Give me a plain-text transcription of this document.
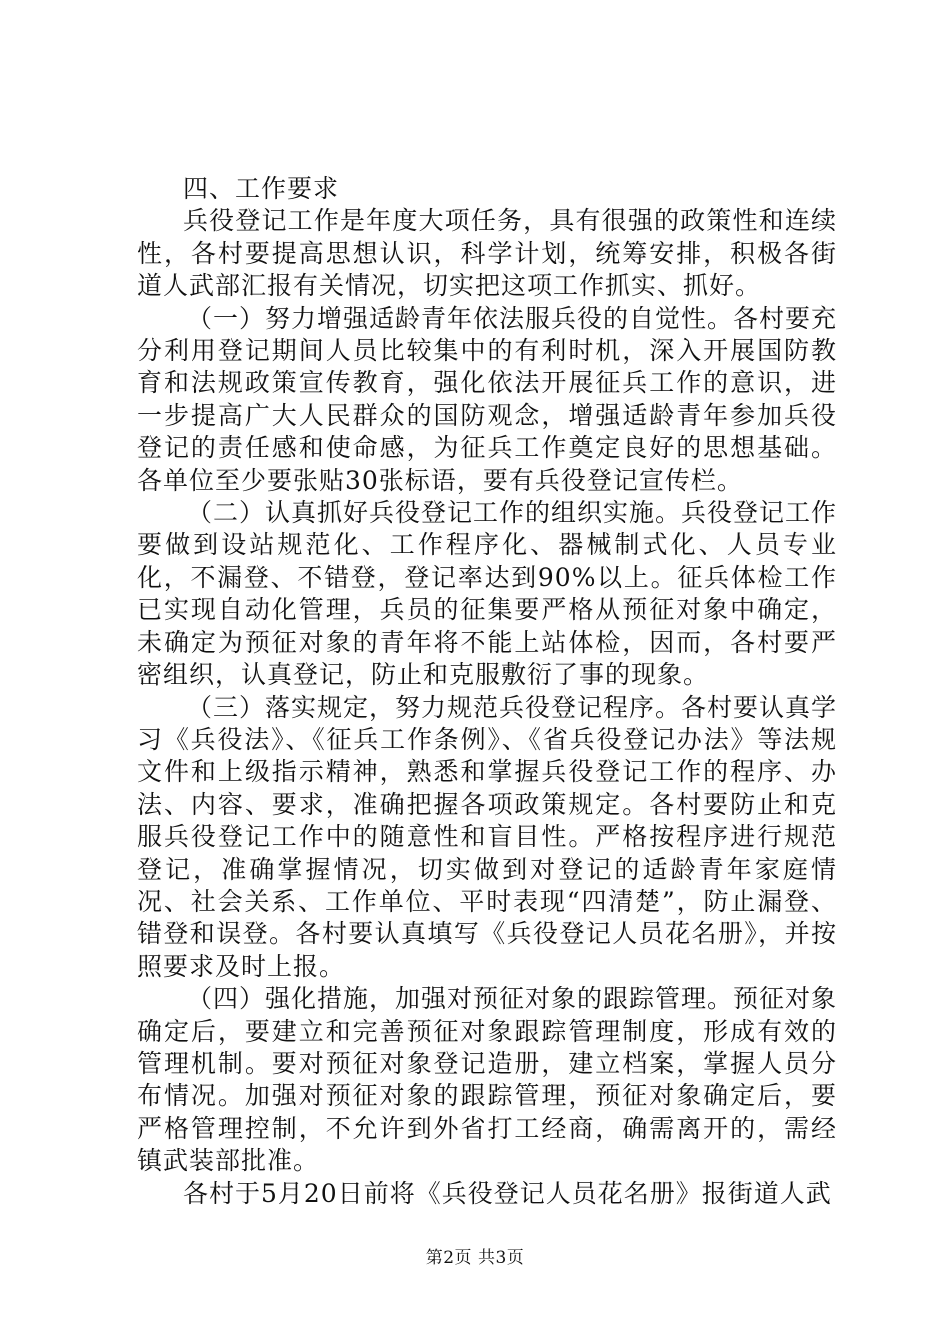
四、工作要求

兵役登记工作是年度大项任务，具有很强的政策性和连续性，各村要提高思想认识，科学计划，统筹安排，积极各街道人武部汇报有关情况，切实把这项工作抓实、抓好。

（一）努力增强适龄青年依法服兵役的自觉性。各村要充分利用登记期间人员比较集中的有利时机，深入开展国防教育和法规政策宣传教育，强化依法开展征兵工作的意识，进一步提高广大人民群众的国防观念，增强适龄青年参加兵役登记的责任感和使命感，为征兵工作奠定良好的思想基础。各单位至少要张贴30张标语，要有兵役登记宣传栏。

（二）认真抓好兵役登记工作的组织实施。兵役登记工作要做到设站规范化、工作程序化、器械制式化、人员专业化，不漏登、不错登，登记率达到90%以上。征兵体检工作已实现自动化管理，兵员的征集要严格从预征对象中确定，未确定为预征对象的青年将不能上站体检，因而，各村要严密组织，认真登记，防止和克服敷衍了事的现象。

（三）落实规定，努力规范兵役登记程序。各村要认真学习《兵役法》、《征兵工作条例》、《省兵役登记办法》等法规文件和上级指示精神，熟悉和掌握兵役登记工作的程序、办法、内容、要求，准确把握各项政策规定。各村要防止和克服兵役登记工作中的随意性和盲目性。严格按程序进行规范登记，准确掌握情况，切实做到对登记的适龄青年家庭情况、社会关系、工作单位、平时表现“四清楚”，防止漏登、错登和误登。各村要认真填写《兵役登记人员花名册》，并按照要求及时上报。

（四）强化措施，加强对预征对象的跟踪管理。预征对象确定后，要建立和完善预征对象跟踪管理制度，形成有效的管理机制。要对预征对象登记造册，建立档案，掌握人员分布情况。加强对预征对象的跟踪管理，预征对象确定后，要严格管理控制，不允许到外省打工经商，确需离开的，需经镇武装部批准。

各村于5月20日前将《兵役登记人员花名册》报街道人武

第2页 共3页
